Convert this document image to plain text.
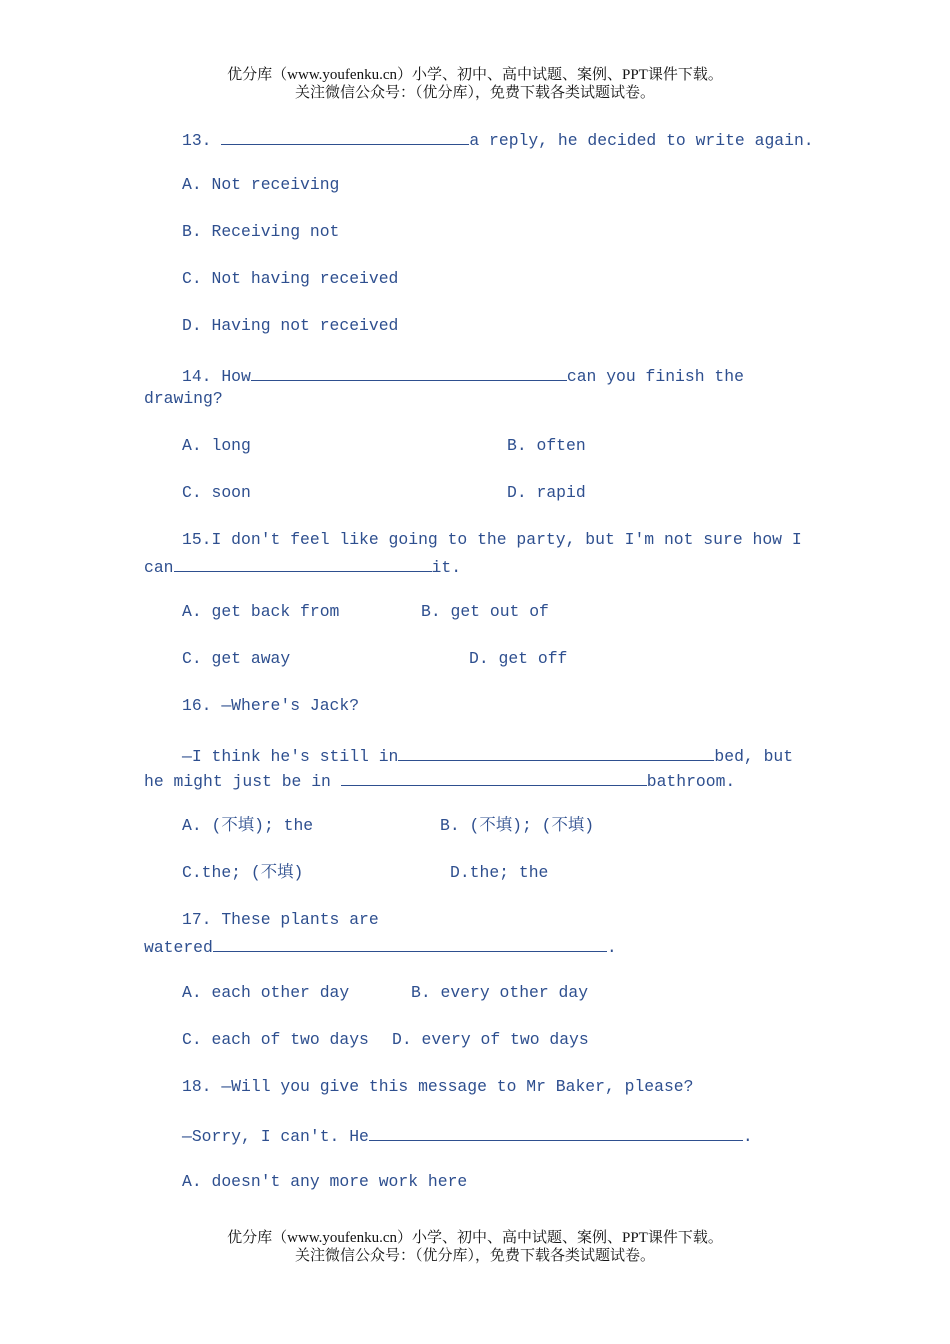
优分库（www.youfenku.cn）小学、初中、高中试题、案例、PPT课件下载。
关注微信公众号：（优分库），免费下载各类试题试卷。
13.	a reply, he decided to write again.
A. Not receiving
B. Receiving not
C. Not having received
D. Having not received
14. How	can you finish the
drawing?
A. long	B. often
C. soon	D. rapid
15.I don't feel like going to the party, but I'm not sure how I
can	it.
A. get back from	B. get out of
C. get away	D. get off
16. —Where's Jack?
—I think he's still in	bed, but
he might just be in	bathroom.
A. (不填); the	B. (不填); (不填)
C.the; (不填)	D.the; the
17. These plants are
watered	.
A. each other day	B. every other day
C. each of two days D. every of two days
18. —Will you give this message to Mr Baker, please?
—Sorry, I can't. He	.
A. doesn't any more work here
优分库（www.youfenku.cn）小学、初中、高中试题、案例、PPT课件下载。
关注微信公众号：（优分库），免费下载各类试题试卷。
